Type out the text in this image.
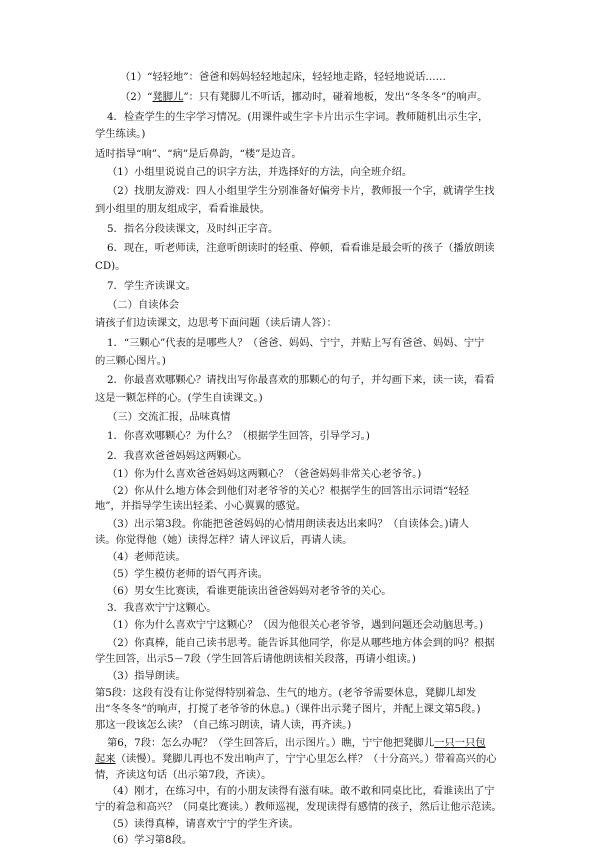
（1）“轻轻地”：爸爸和妈妈轻轻地起床，轻轻地走路，轻轻地说话……
（2）“凳脚儿”：只有凳脚儿不听话，挪动时，碰着地板，发出“冬冬冬”的响声。
4．检查学生的生字学习情况。(用课件或生字卡片出示生字词。教师随机出示生字，
学生练读。)
适时指导“响”、“病”是后鼻韵，“楼”是边音。
（1）小组里说说自己的识字方法，并选择好的方法，向全班介绍。
（2）找朋友游戏：四人小组里学生分别准备好偏旁卡片，教师报一个字，就请学生找
到小组里的朋友组成字，看看谁最快。
5．指名分段读课文，及时纠正字音。
6．现在，听老师读，注意听朗读时的轻重、停顿，看看谁是最会听的孩子（播放朗读
CD)。
7．学生齐读课文。
（二）自读体会
请孩子们边读课文，边思考下面问题（读后请人答）：
1．“三颗心”代表的是哪些人？（爸爸、妈妈、宁宁，并贴上写有爸爸、妈妈、宁宁
的三颗心图片。)
2．你最喜欢哪颗心？请找出写你最喜欢的那颗心的句子，并勾画下来，读一读，看看
这是一颗怎样的心。(学生自读课文。)
（三）交流汇报，品味真情
1．你喜欢哪颗心？为什么？（根据学生回答，引导学习。)
2．我喜欢爸爸妈妈这两颗心。
（1）你为什么喜欢爸爸妈妈这两颗心？（爸爸妈妈非常关心老爷爷。)
（2）你从什么地方体会到他们对老爷爷的关心？根据学生的回答出示词语“轻轻
地”，并指导学生读出轻柔、小心翼翼的感觉。
（3）出示第3段。你能把爸爸妈妈的心情用朗读表达出来吗？（自读体会。)请人
读。你觉得他（她）读得怎样？请人评议后，再请人读。
（4）老师范读。
（5）学生模仿老师的语气再齐读。
（6）男女生比赛读，看谁更能读出爸爸妈妈对老爷爷的关心。
3．我喜欢宁宁这颗心。
（1）你为什么喜欢宁宁这颗心？（因为他很关心老爷爷，遇到问题还会动脑思考。)
（2）你真棒，能自己读书思考。能告诉其他同学，你是从哪些地方体会到的吗？根据
学生回答，出示5－7段（学生回答后请他朗读相关段落，再请小组读。)
（3）指导朗读。
第5段：这段有没有让你觉得特别着急、生气的地方。(老爷爷需要休息，凳脚儿却发
出“冬冬冬”的响声，打搅了老爷爷的休息。)（课件出示凳子图片，并配上课文第5段。)
那这一段该怎么读？（自己练习朗读，请人读，再齐读。)
第6，7段：怎么办呢？（学生回答后，出示图片。）瞧，宁宁他把凳脚儿一只一只包
起来（读慢）。凳脚儿再也不发出响声了，宁宁心里怎么样？（十分高兴。）带着高兴的心
情，齐读这句话（出示第7段，齐读）。
（4）刚才，在练习中，有的小朋友读得有滋有味。敢不敢和同桌比比，看谁读出了宁
宁的着急和高兴？（同桌比赛读。）教师巡视，发现读得有感情的孩子，然后让他示范读。
（5）读得真棒，请喜欢宁宁的学生齐读。
（6）学习第8段。
